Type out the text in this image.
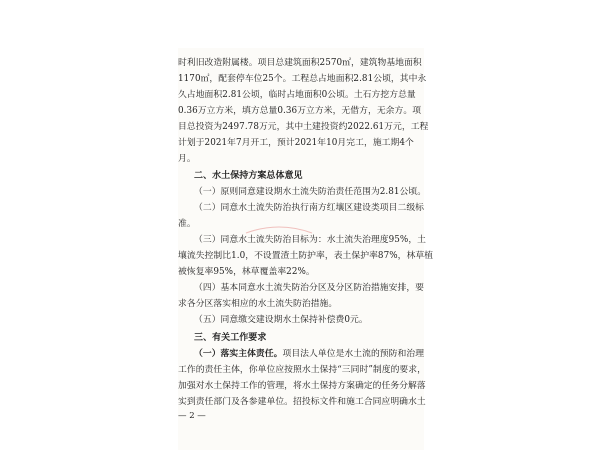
时利旧改造附属楼。项目总建筑面积2570㎡，建筑物基地面积
1170㎡，配套停车位25个。工程总占地面积2.81公顷，其中永
久占地面积2.81公顷，临时占地面积0公顷。土石方挖方总量
0.36万立方米，填方总量0.36万立方米，无借方，无余方。项
目总投资为2497.78万元，其中土建投资约2022.61万元，工程
计划于2021年7月开工，预计2021年10月完工，施工期4个
月。
二、水土保持方案总体意见
（一）原则同意建设期水土流失防治责任范围为2.81公顷。
（二）同意水土流失防治执行南方红壤区建设类项目二级标
准。
（三）同意水土流失防治目标为：水土流失治理度95%，土
壤流失控制比1.0，不设置渣土防护率，表土保护率87%，林草植
被恢复率95%，林草覆盖率22%。
（四）基本同意水土流失防治分区及分区防治措施安排，要
求各分区落实相应的水土流失防治措施。
（五）同意缴交建设期水土保持补偿费0元。
三、有关工作要求
（一）落实主体责任。项目法人单位是水土流的预防和治理
工作的责任主体，你单位应按照水土保持“三同时”制度的要求，
加强对水土保持工作的管理，将水土保持方案确定的任务分解落
实到责任部门及各参建单位。招投标文件和施工合同应明确水土
— 2 —
